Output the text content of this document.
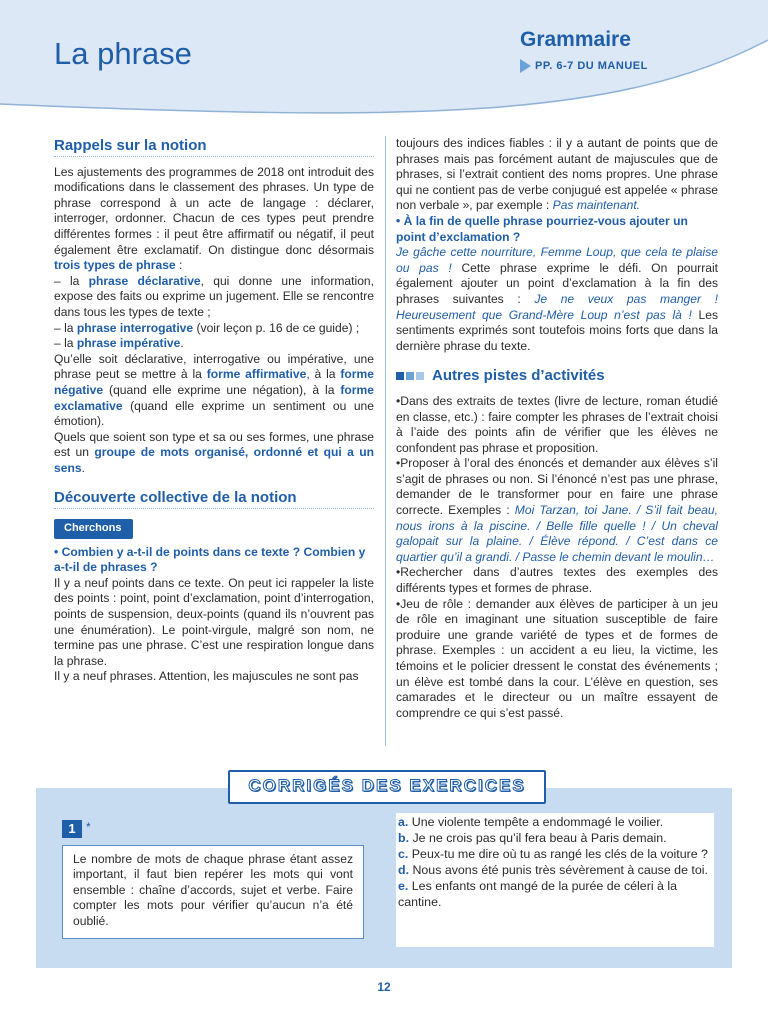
La phrase	Grammaire
PP. 6-7 DU MANUEL
Rappels sur la notion

Les ajustements des programmes de 2018 ont introduit des modifications dans le classement des phrases. Un type de phrase correspond à un acte de langage : déclarer, interroger, ordonner. Chacun de ces types peut prendre différentes formes : il peut être affirmatif ou négatif, il peut également être exclamatif. On distingue donc désormais trois types de phrase :

– la phrase déclarative, qui donne une information, expose des faits ou exprime un jugement. Elle se rencontre dans tous les types de texte ;

– la phrase interrogative (voir leçon p. 16 de ce guide) ;

– la phrase impérative.

Qu’elle soit déclarative, interrogative ou impérative, une phrase peut se mettre à la forme affirmative, à la forme négative (quand elle exprime une négation), à la forme exclamative (quand elle exprime un sentiment ou une émotion).

Quels que soient son type et sa ou ses formes, une phrase est un groupe de mots organisé, ordonné et qui a un sens.

Découverte collective de la notion
Cherchons

• Combien y a-t-il de points dans ce texte ? Combien y a-t-il de phrases ?

Il y a neuf points dans ce texte. On peut ici rappeler la liste des points : point, point d’exclamation, point d’interrogation, points de suspension, deux-points (quand ils n’ouvrent pas une énumération). Le point-virgule, malgré son nom, ne termine pas une phrase. C’est une respiration longue dans la phrase.

Il y a neuf phrases. Attention, les majuscules ne sont pas

toujours des indices fiables : il y a autant de points que de phrases mais pas forcément autant de majuscules que de phrases, si l’extrait contient des noms propres. Une phrase qui ne contient pas de verbe conjugué est appelée « phrase non verbale », par exemple : Pas maintenant.

• À la fin de quelle phrase pourriez-vous ajouter un point d’exclamation ?

Je gâche cette nourriture, Femme Loup, que cela te plaise ou pas ! Cette phrase exprime le défi. On pourrait également ajouter un point d’exclamation à la fin des phrases suivantes : Je ne veux pas manger ! Heureusement que Grand-Mère Loup n’est pas là ! Les sentiments exprimés sont toutefois moins forts que dans la dernière phrase du texte.

Autres pistes d’activités

•Dans des extraits de textes (livre de lecture, roman étudié en classe, etc.) : faire compter les phrases de l’extrait choisi à l’aide des points afin de vérifier que les élèves ne confondent pas phrase et proposition.

•Proposer à l’oral des énoncés et demander aux élèves s’il s’agit de phrases ou non. Si l’énoncé n’est pas une phrase, demander de le transformer pour en faire une phrase correcte. Exemples : Moi Tarzan, toi Jane. / S’il fait beau, nous irons à la piscine. / Belle fille quelle ! / Un cheval galopait sur la plaine. / Élève répond. / C’est dans ce quartier qu’il a grandi. / Passe le chemin devant le moulin…

•Rechercher dans d’autres textes des exemples des différents types et formes de phrase.

•Jeu de rôle : demander aux élèves de participer à un jeu de rôle en imaginant une situation susceptible de faire produire une grande variété de types et de formes de phrase. Exemples : un accident a eu lieu, la victime, les témoins et le policier dressent le constat des événements ; un élève est tombé dans la cour. L’élève en question, ses camarades et le directeur ou un maître essayent de comprendre ce qui s’est passé.

CORRIGÉS DES EXERCICES
1 *
Le nombre de mots de chaque phrase étant assez important, il faut bien repérer les mots qui vont ensemble : chaîne d’accords, sujet et verbe. Faire compter les mots pour vérifier qu’aucun n’a été oublié.

a. Une violente tempête a endommagé le voilier.

b. Je ne crois pas qu’il fera beau à Paris demain.

c. Peux-tu me dire où tu as rangé les clés de la voiture ?

d. Nous avons été punis très sévèrement à cause de toi.

e. Les enfants ont mangé de la purée de céleri à la cantine.

12
